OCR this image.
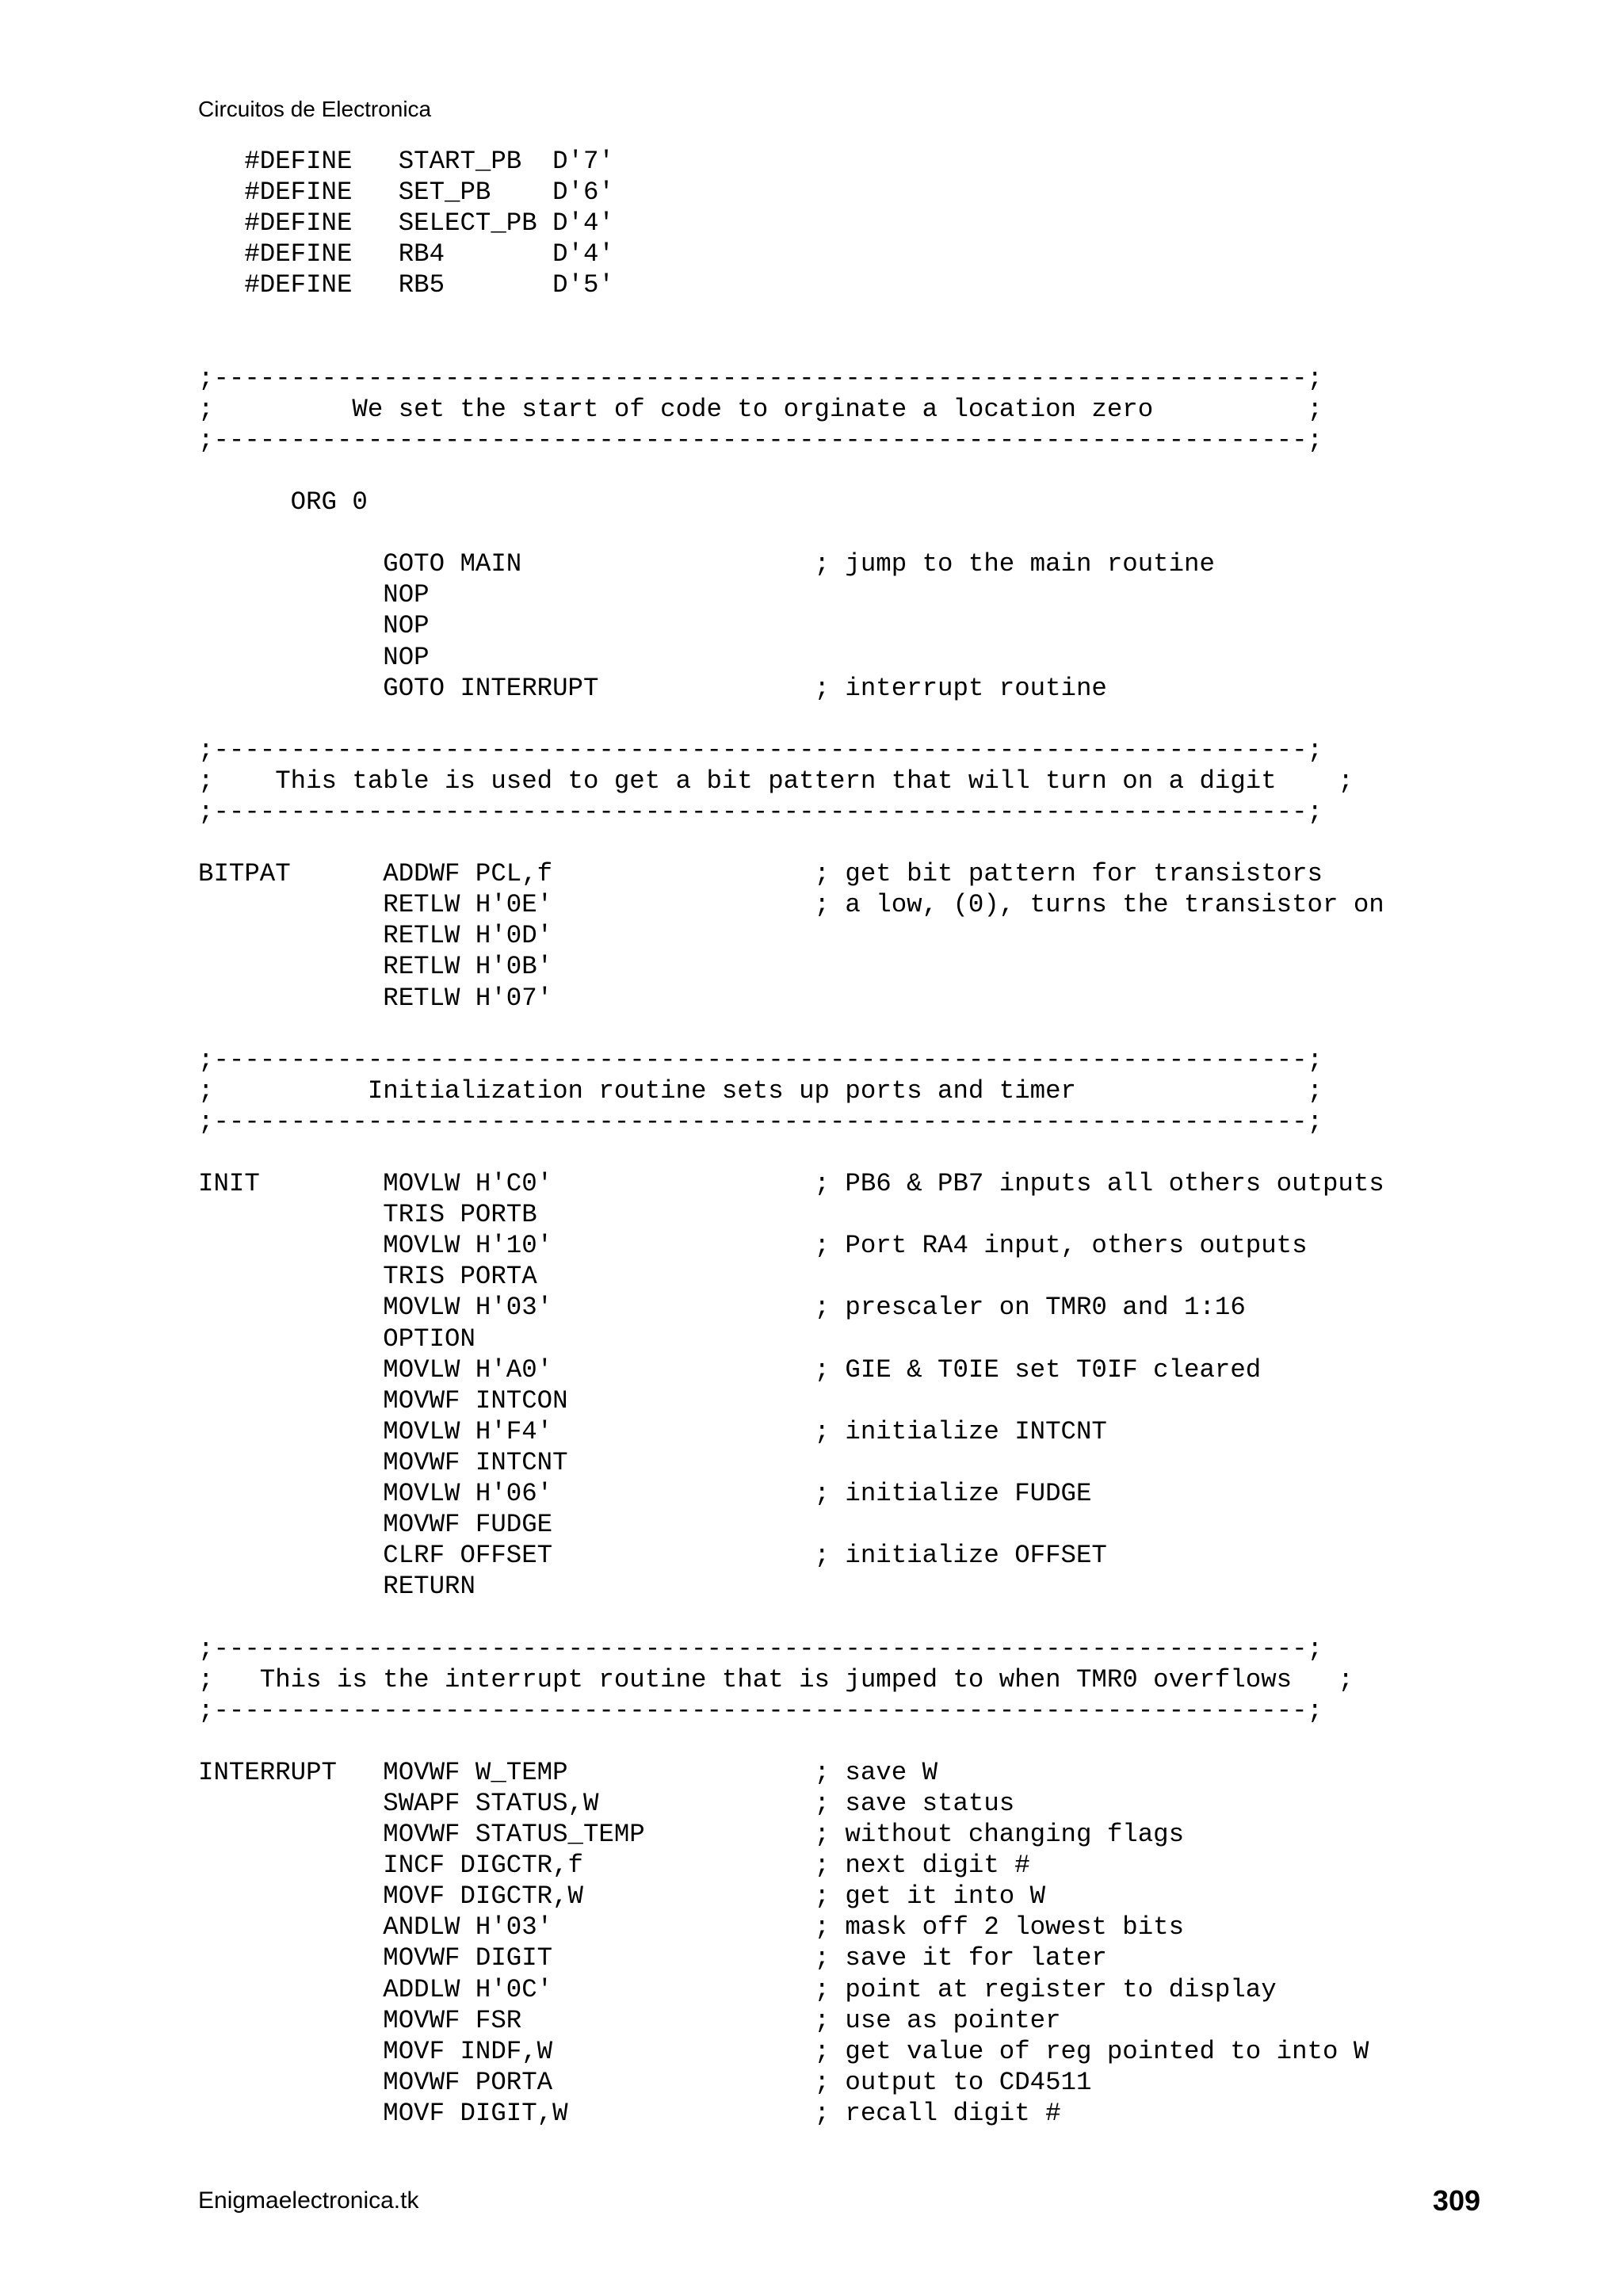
Circuitos de Electronica
#DEFINE   START_PB  D'7'
#DEFINE   SET_PB    D'6'
#DEFINE   SELECT_PB D'4'
#DEFINE   RB4       D'4'
#DEFINE   RB5       D'5'
;-----------------------------------------------------------------------;
;         We set the start of code to orginate a location zero          ;
;-----------------------------------------------------------------------;
ORG 0
GOTO MAIN                   ; jump to the main routine
NOP
NOP
NOP
GOTO INTERRUPT              ; interrupt routine
;-----------------------------------------------------------------------;
;    This table is used to get a bit pattern that will turn on a digit    ;
;-----------------------------------------------------------------------;
BITPAT      ADDWF PCL,f                 ; get bit pattern for transistors
RETLW H'0E'                 ; a low, (0), turns the transistor on
RETLW H'0D'
RETLW H'0B'
RETLW H'07'
;-----------------------------------------------------------------------;
;          Initialization routine sets up ports and timer               ;
;-----------------------------------------------------------------------;
INIT        MOVLW H'C0'                 ; PB6 & PB7 inputs all others outputs
TRIS PORTB
MOVLW H'10'                 ; Port RA4 input, others outputs
TRIS PORTA
MOVLW H'03'                 ; prescaler on TMR0 and 1:16
OPTION
MOVLW H'A0'                 ; GIE & T0IE set T0IF cleared
MOVWF INTCON
MOVLW H'F4'                 ; initialize INTCNT
MOVWF INTCNT
MOVLW H'06'                 ; initialize FUDGE
MOVWF FUDGE
CLRF OFFSET                 ; initialize OFFSET
RETURN
;-----------------------------------------------------------------------;
;   This is the interrupt routine that is jumped to when TMR0 overflows   ;
;-----------------------------------------------------------------------;
INTERRUPT   MOVWF W_TEMP                ; save W
SWAPF STATUS,W              ; save status
MOVWF STATUS_TEMP           ; without changing flags
INCF DIGCTR,f               ; next digit #
MOVF DIGCTR,W               ; get it into W
ANDLW H'03'                 ; mask off 2 lowest bits
MOVWF DIGIT                 ; save it for later
ADDLW H'0C'                 ; point at register to display
MOVWF FSR                   ; use as pointer
MOVF INDF,W                 ; get value of reg pointed to into W
MOVWF PORTA                 ; output to CD4511
MOVF DIGIT,W                ; recall digit #
Enigmaelectronica.tk	309
